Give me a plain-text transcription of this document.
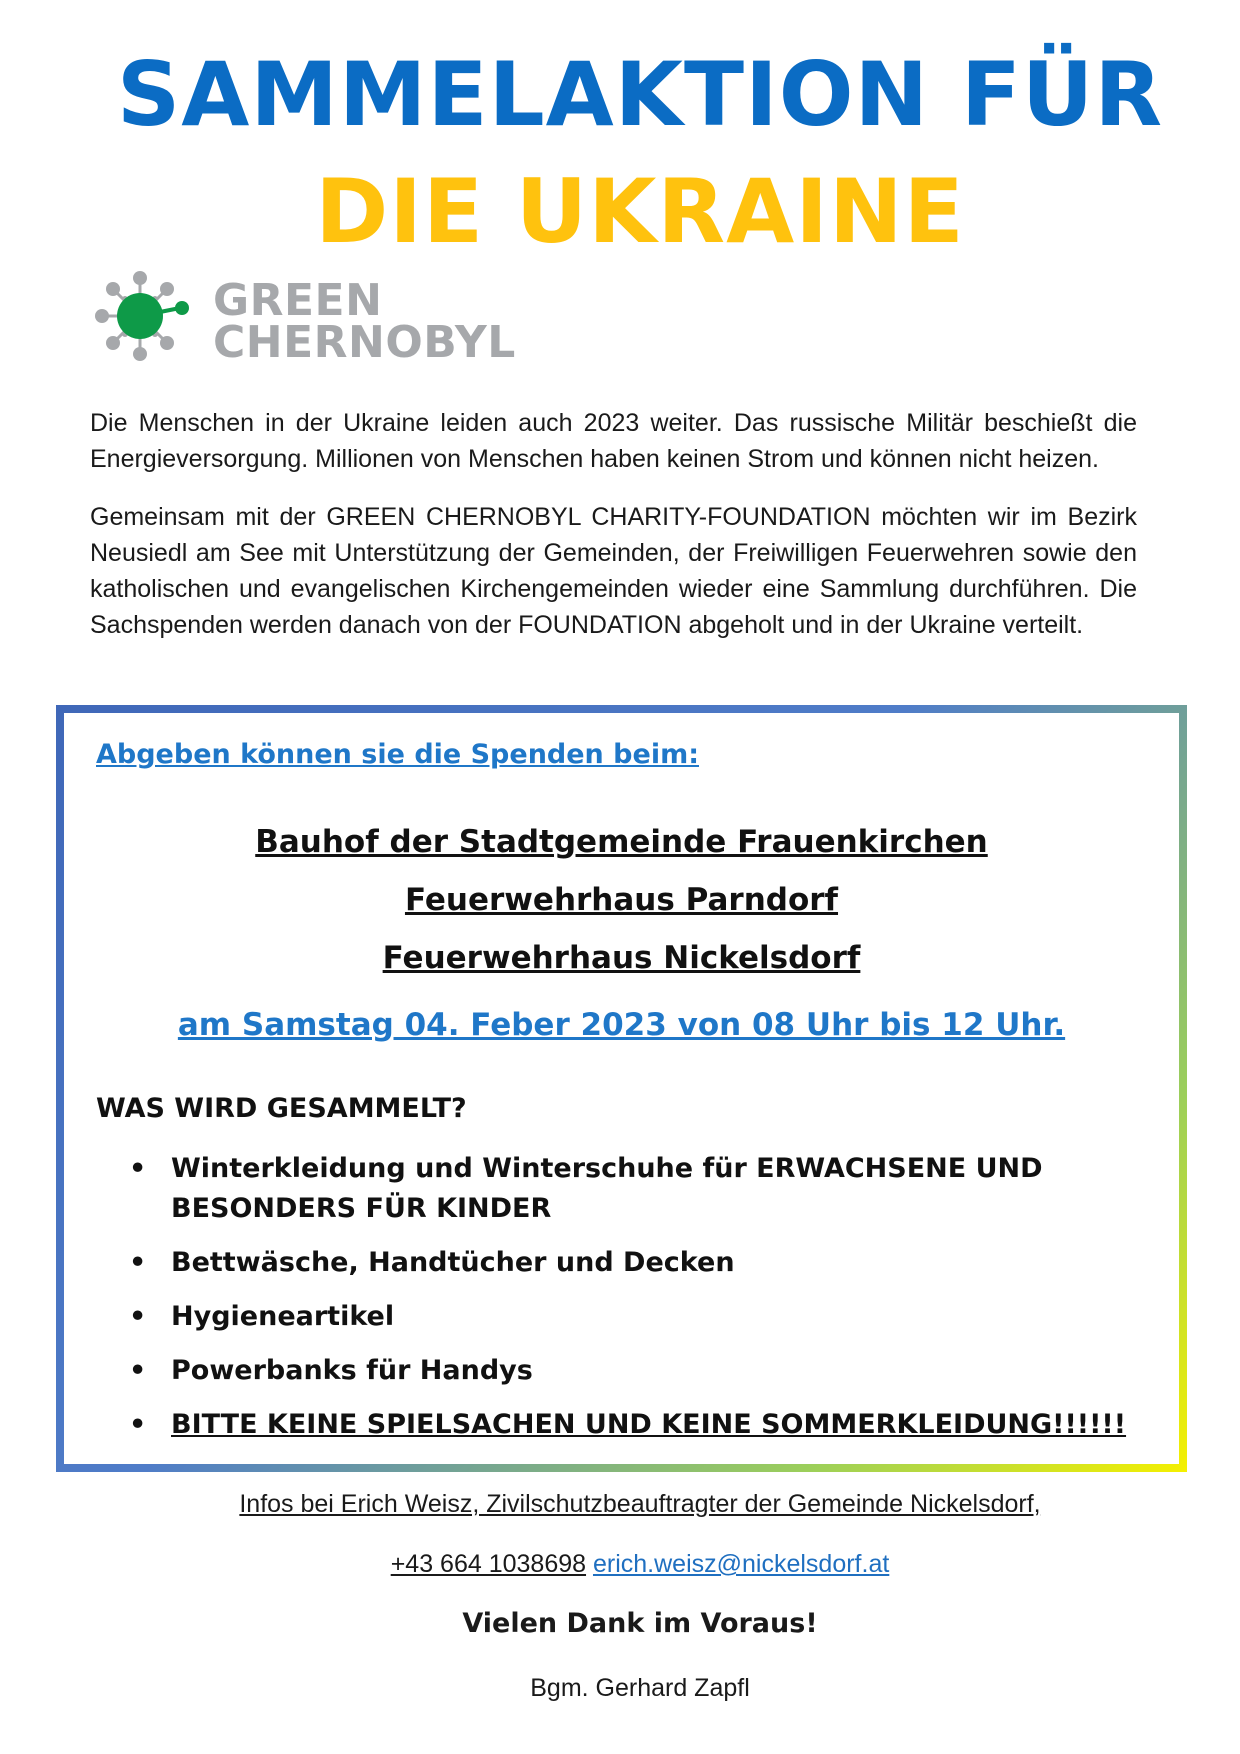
SAMMELAKTION FÜR
DIE UKRAINE
GREEN
CHERNOBYL

Die Menschen in der Ukraine leiden auch 2023 weiter. Das russische Militär beschießt die Energieversorgung. Millionen von Menschen haben keinen Strom und können nicht heizen.

Gemeinsam mit der GREEN CHERNOBYL CHARITY-FOUNDATION möchten wir im Bezirk Neusiedl am See mit Unterstützung der Gemeinden, der Freiwilligen Feuerwehren sowie den katholischen und evangelischen Kirchengemeinden wieder eine Sammlung durchführen. Die Sachspenden werden danach von der FOUNDATION abgeholt und in der Ukraine verteilt.

Abgeben können sie die Spenden beim:
Bauhof der Stadtgemeinde Frauenkirchen
Feuerwehrhaus Parndorf
Feuerwehrhaus Nickelsdorf
am Samstag 04. Feber 2023 von 08 Uhr bis 12 Uhr.
WAS WIRD GESAMMELT?
• Winterkleidung und Winterschuhe für ERWACHSENE UND BESONDERS FÜR KINDER
• Bettwäsche, Handtücher und Decken
• Hygieneartikel
• Powerbanks für Handys
• BITTE KEINE SPIELSACHEN UND KEINE SOMMERKLEIDUNG!!!!!!
Infos bei Erich Weisz, Zivilschutzbeauftragter der Gemeinde Nickelsdorf,
+43 664 1038698 erich.weisz@nickelsdorf.at
Vielen Dank im Voraus!
Bgm. Gerhard Zapfl
